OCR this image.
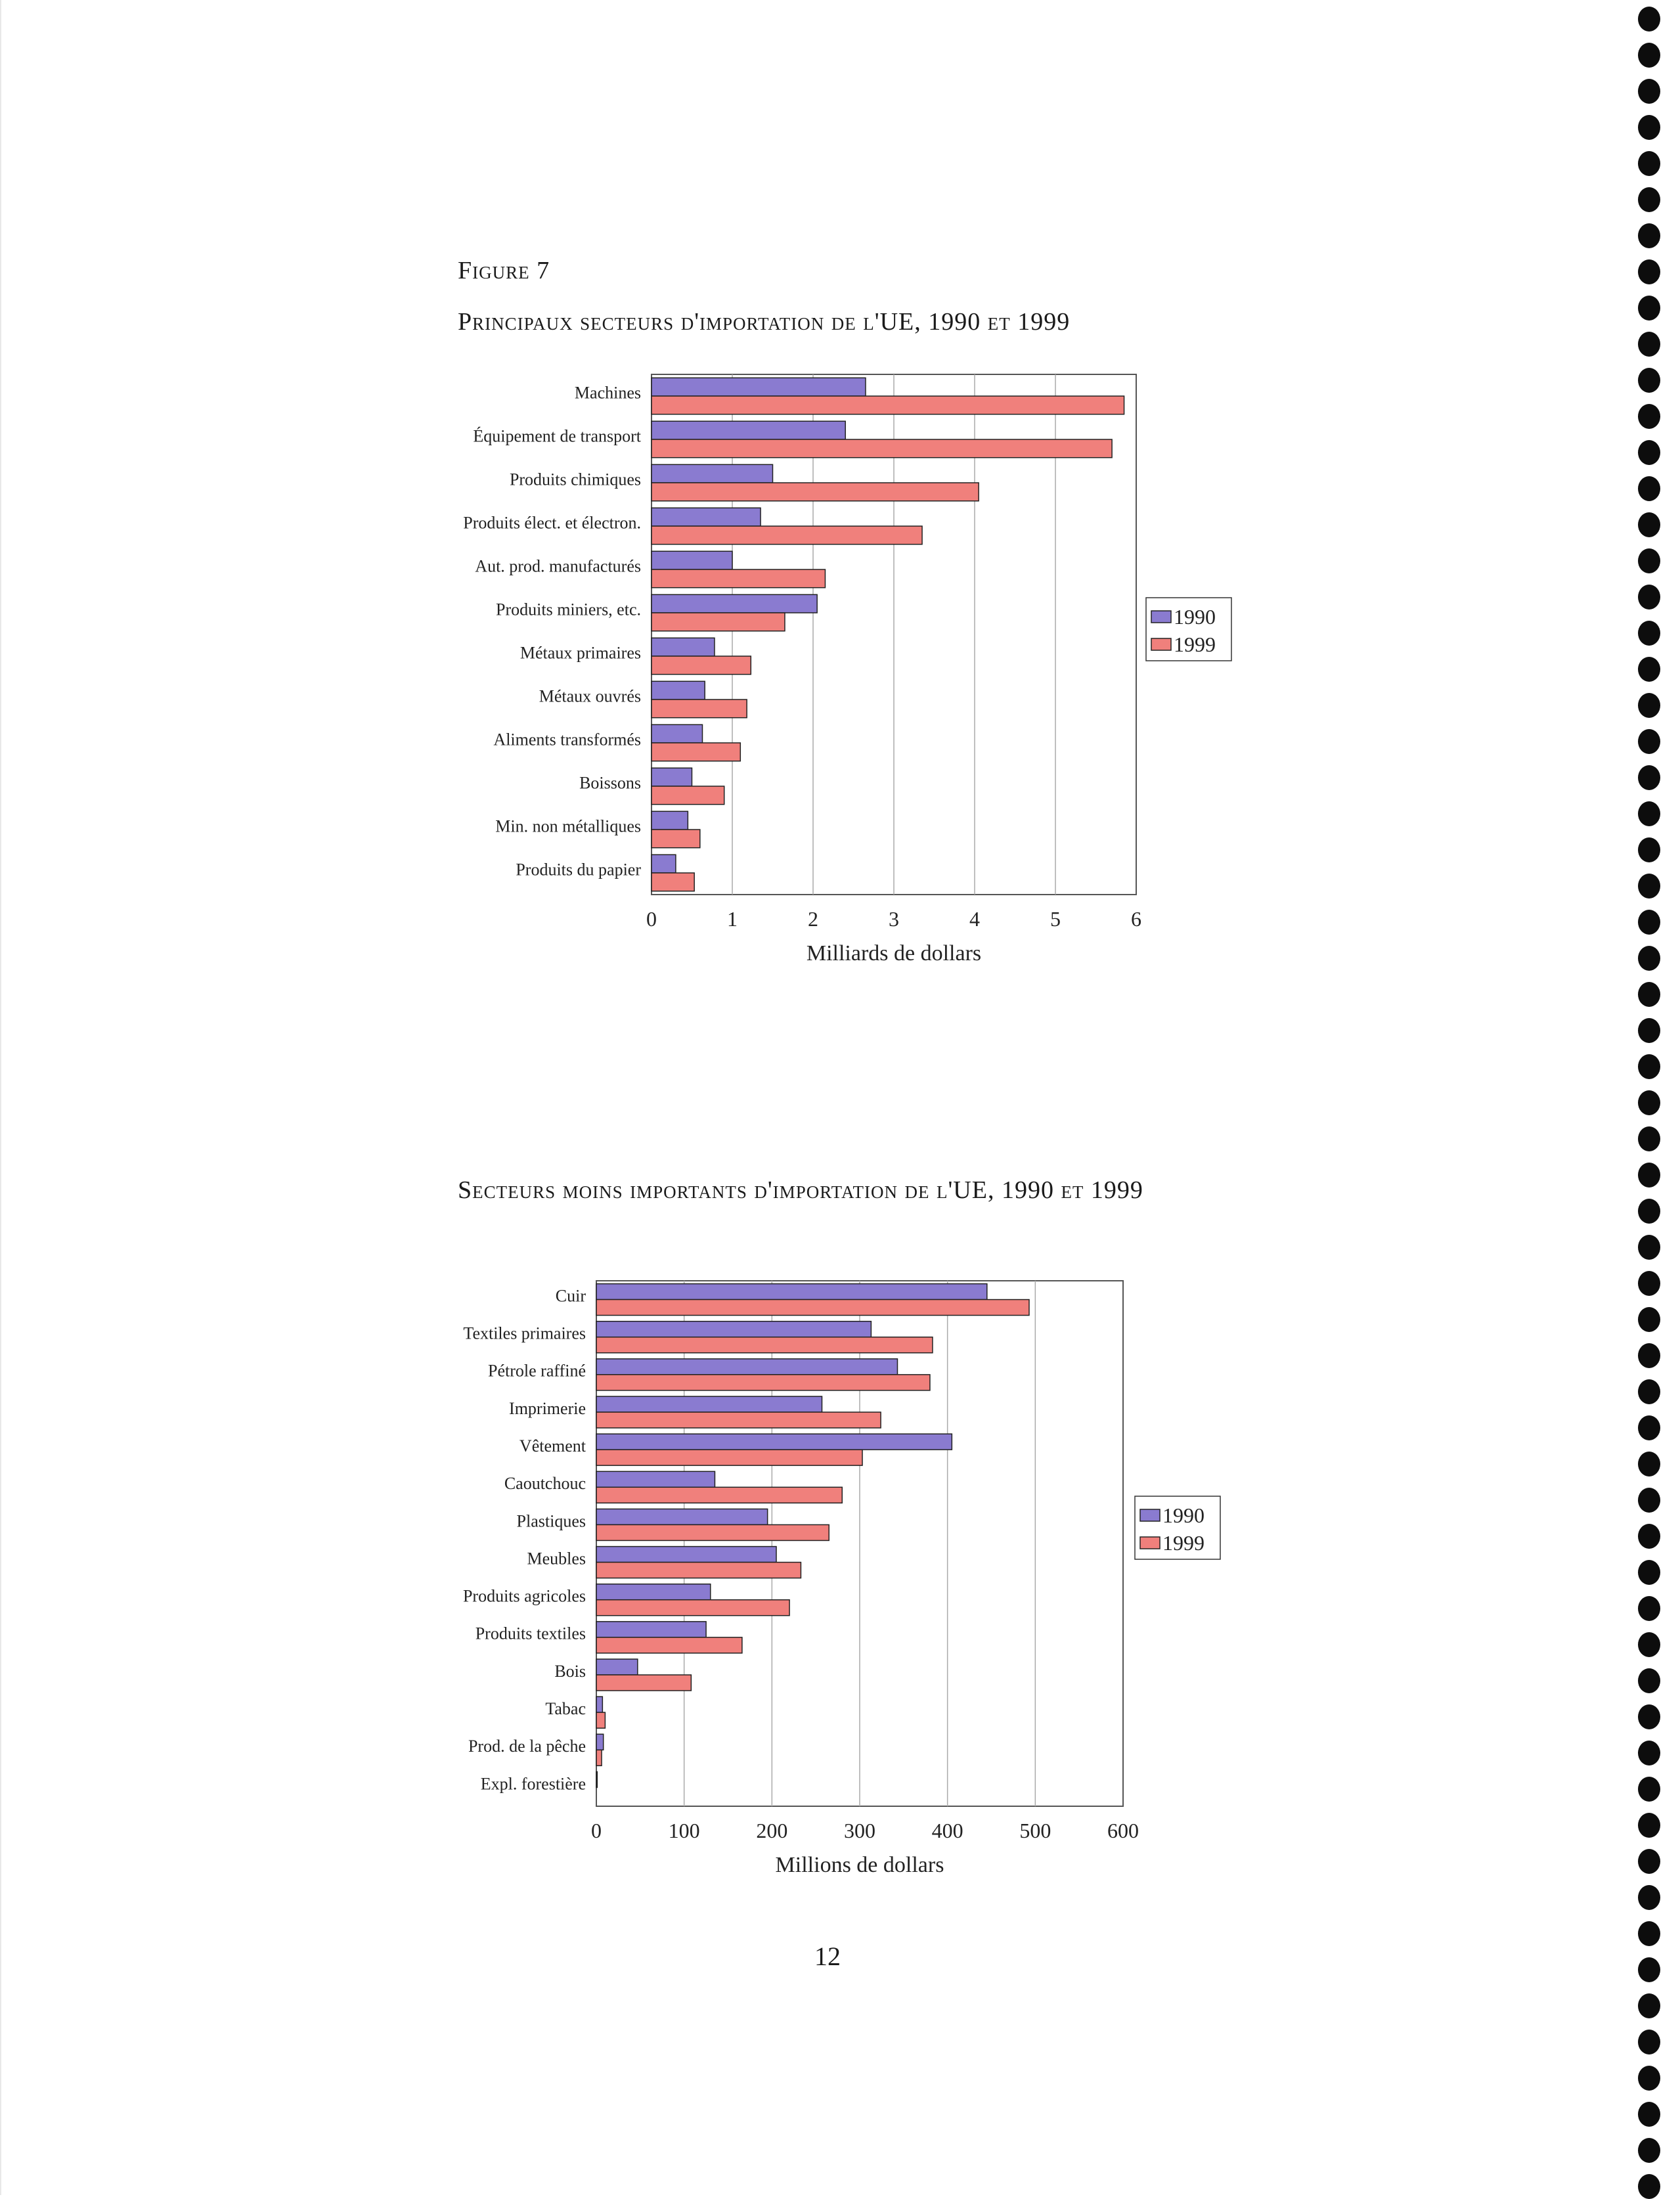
Figure 7

Principaux secteurs d'importation de l'UE, 1990 et 1999
0	1	2	3	4	5	6
Machines
Équipement de transport
Produits chimiques
Produits élect. et électron.
Aut. prod. manufacturés
Produits miniers, etc.
Métaux primaires
Métaux ouvrés
Aliments transformés
Boissons
Min. non métalliques
Produits du papier
Milliards de dollars
1990
1999
Secteurs moins importants d'importation de l'UE, 1990 et 1999
0	100	200	300	400	500	600
Cuir
Textiles primaires
Pétrole raffiné
Imprimerie
Vêtement
Caoutchouc
Plastiques
Meubles
Produits agricoles
Produits textiles
Bois
Tabac
Prod. de la pêche
Expl. forestière
Millions de dollars
1990
1999

12
